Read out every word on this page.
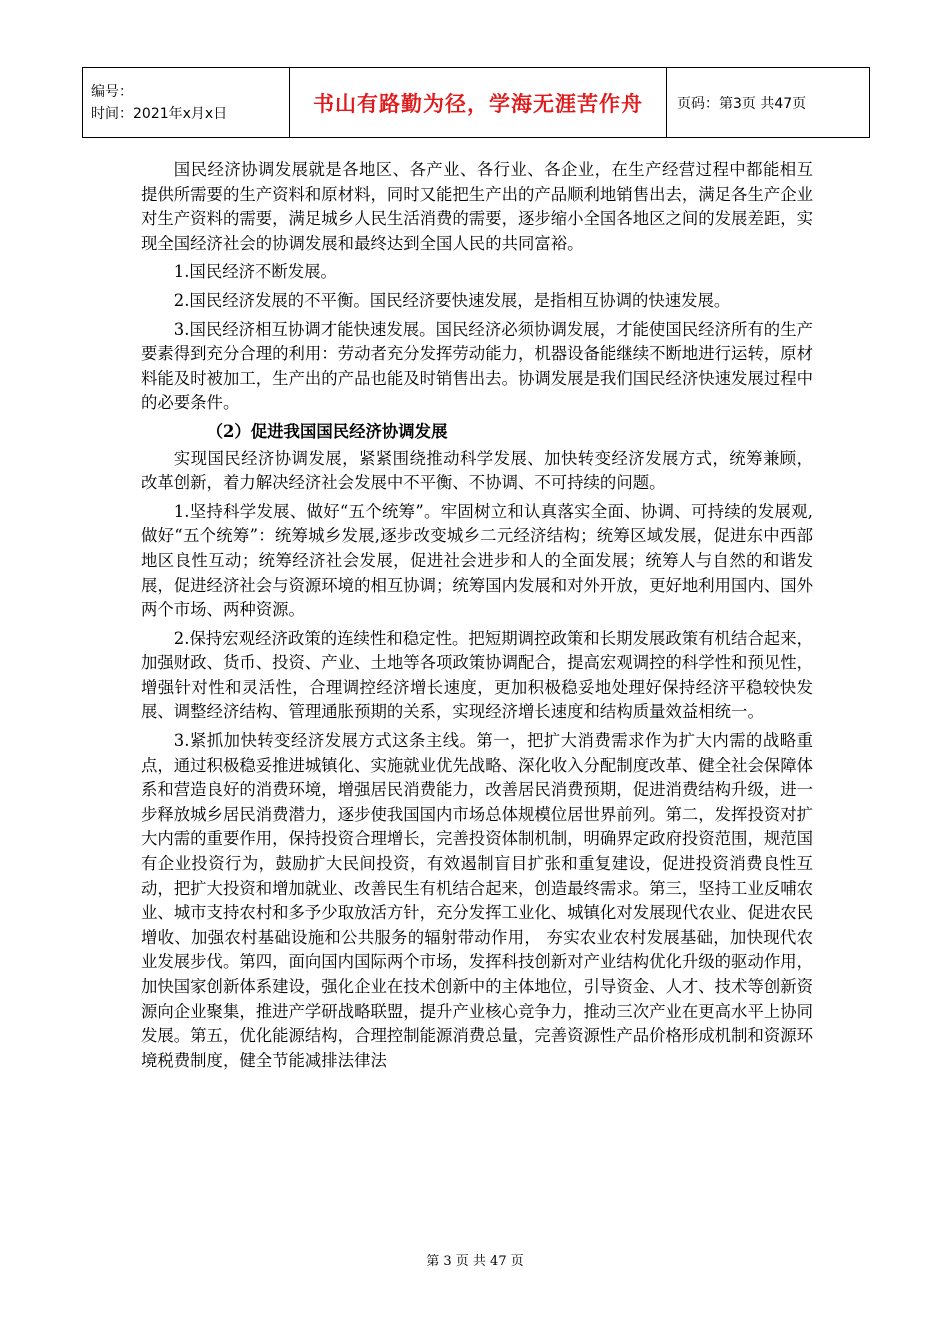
编号：
时间：2021年x月x日	书山有路勤为径，学海无涯苦作舟	页码：第3页 共47页

国民经济协调发展就是各地区、各产业、各行业、各企业，在生产经营过程中都能相互提供所需要的生产资料和原材料，同时又能把生产出的产品顺利地销售出去，满足各生产企业对生产资料的需要，满足城乡人民生活消费的需要，逐步缩小全国各地区之间的发展差距，实现全国经济社会的协调发展和最终达到全国人民的共同富裕。

1.国民经济不断发展。

2.国民经济发展的不平衡。国民经济要快速发展，是指相互协调的快速发展。

3.国民经济相互协调才能快速发展。国民经济必须协调发展，才能使国民经济所有的生产要素得到充分合理的利用：劳动者充分发挥劳动能力，机器设备能继续不断地进行运转，原材料能及时被加工，生产出的产品也能及时销售出去。协调发展是我们国民经济快速发展过程中的必要条件。

（2）促进我国国民经济协调发展

实现国民经济协调发展，紧紧围绕推动科学发展、加快转变经济发展方式，统筹兼顾， 改革创新，着力解决经济社会发展中不平衡、不协调、不可持续的问题。

1.坚持科学发展、做好“五个统筹”。牢固树立和认真落实全面、协调、可持续的发展观,做好“五个统筹”：统筹城乡发展,逐步改变城乡二元经济结构；统筹区域发展，促进东中西部地区良性互动；统筹经济社会发展，促进社会进步和人的全面发展；统筹人与自然的和谐发展，促进经济社会与资源环境的相互协调；统筹国内发展和对外开放，更好地利用国内、国外两个市场、两种资源。

2.保持宏观经济政策的连续性和稳定性。把短期调控政策和长期发展政策有机结合起来，加强财政、货币、投资、产业、土地等各项政策协调配合，提高宏观调控的科学性和预见性，增强针对性和灵活性，合理调控经济增长速度，更加积极稳妥地处理好保持经济平稳较快发展、调整经济结构、管理通胀预期的关系，实现经济增长速度和结构质量效益相统一。

3.紧抓加快转变经济发展方式这条主线。第一，把扩大消费需求作为扩大内需的战略重点，通过积极稳妥推进城镇化、实施就业优先战略、深化收入分配制度改革、健全社会保障体系和营造良好的消费环境，增强居民消费能力，改善居民消费预期，促进消费结构升级，进一步释放城乡居民消费潜力，逐步使我国国内市场总体规模位居世界前列。第二，发挥投资对扩大内需的重要作用，保持投资合理增长，完善投资体制机制，明确界定政府投资范围，规范国有企业投资行为，鼓励扩大民间投资，有效遏制盲目扩张和重复建设，促进投资消费良性互动，把扩大投资和增加就业、改善民生有机结合起来，创造最终需求。第三，坚持工业反哺农业、城市支持农村和多予少取放活方针，充分发挥工业化、城镇化对发展现代农业、促进农民增收、加强农村基础设施和公共服务的辐射带动作用， 夯实农业农村发展基础，加快现代农业发展步伐。第四，面向国内国际两个市场，发挥科技创新对产业结构优化升级的驱动作用，加快国家创新体系建设，强化企业在技术创新中的主体地位，引导资金、人才、技术等创新资源向企业聚集，推进产学研战略联盟，提升产业核心竞争力，推动三次产业在更高水平上协同发展。第五，优化能源结构，合理控制能源消费总量，完善资源性产品价格形成机制和资源环境税费制度，健全节能减排法律法

第 3 页 共 47 页
